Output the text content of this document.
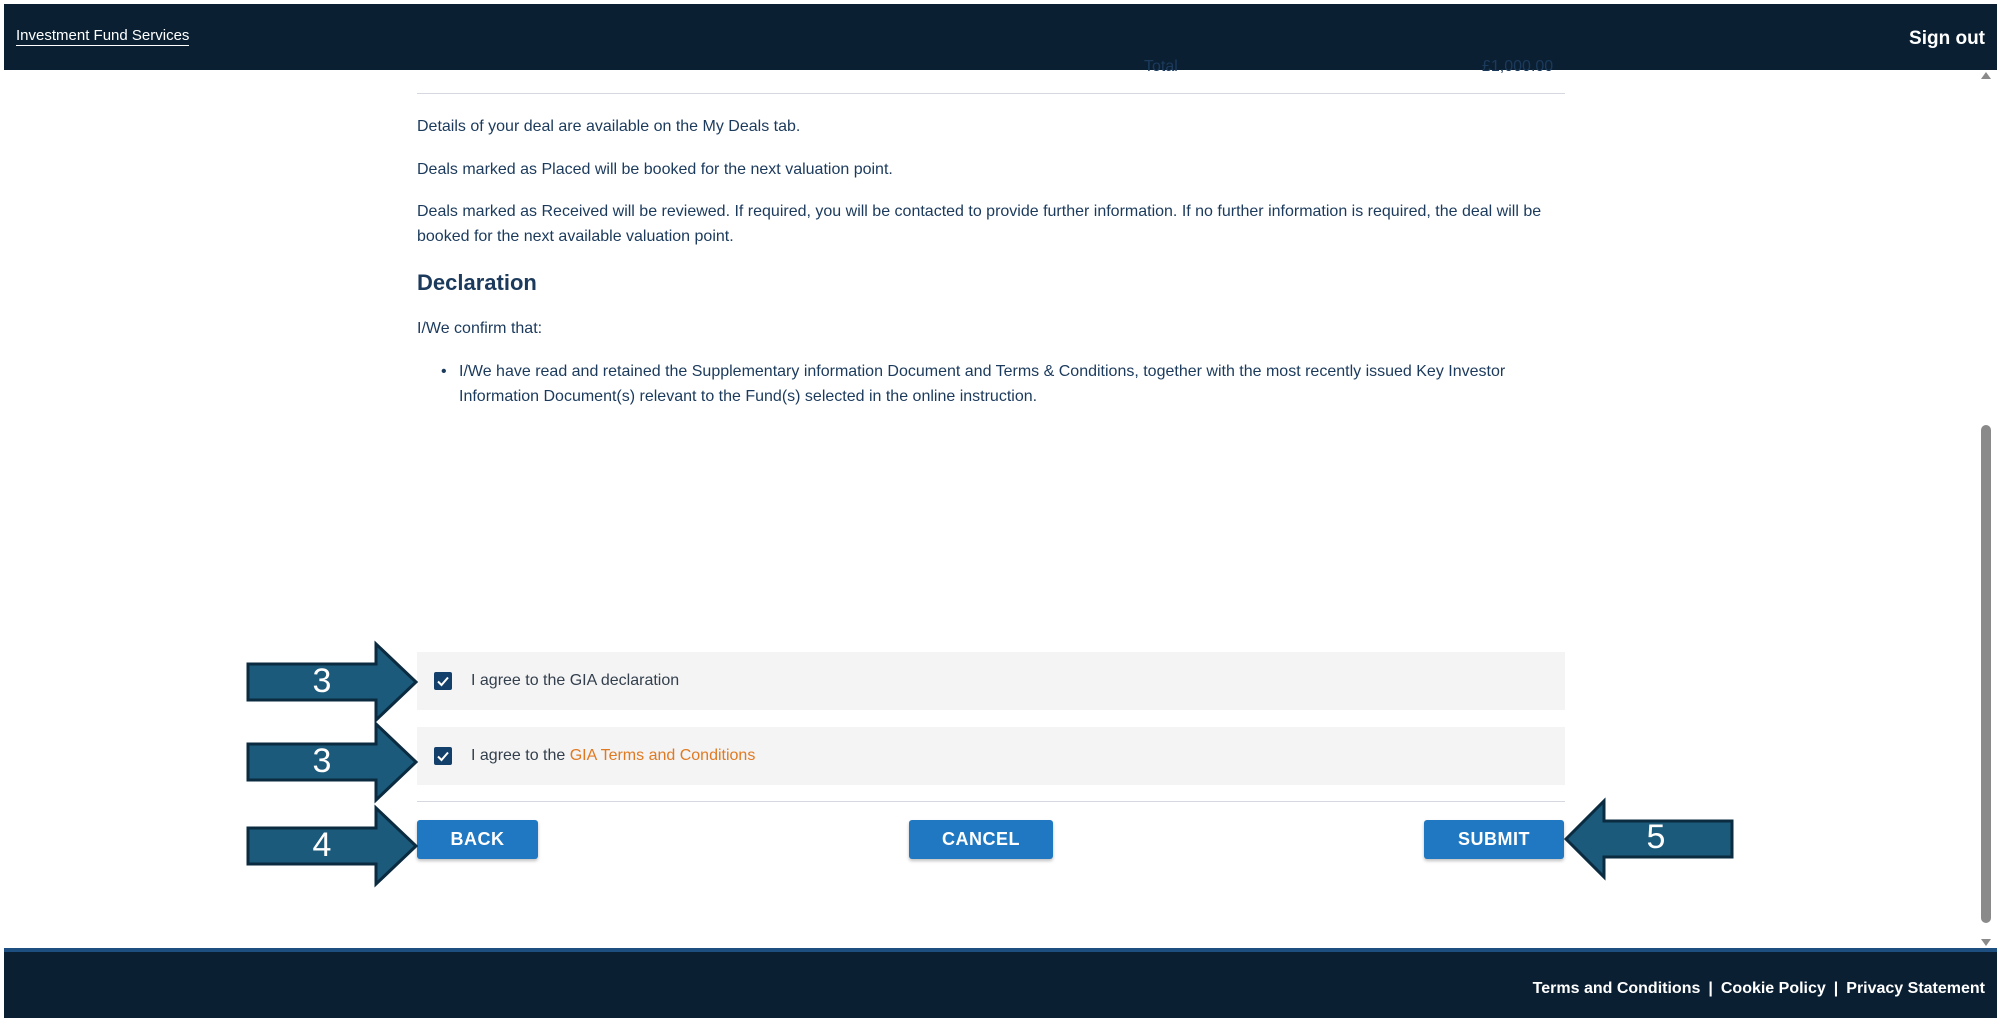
Investment Fund Services	Sign out
Total	£1,000.00

Details of your deal are available on the My Deals tab.

Deals marked as Placed will be booked for the next valuation point.

Deals marked as Received will be reviewed. If required, you will be contacted to provide further information. If no further information is required, the deal will be
booked for the next available valuation point.
Declaration

I/We confirm that:

• I/We have read and retained the Supplementary information Document and Terms & Conditions, together with the most recently issued Key Investor
Information Document(s) relevant to the Fund(s) selected in the online instruction.
I agree to the GIA declaration
I agree to the GIA Terms and Conditions
BACK	CANCEL	SUBMIT
3
3
4	5
Terms and Conditions | Cookie Policy | Privacy Statement
